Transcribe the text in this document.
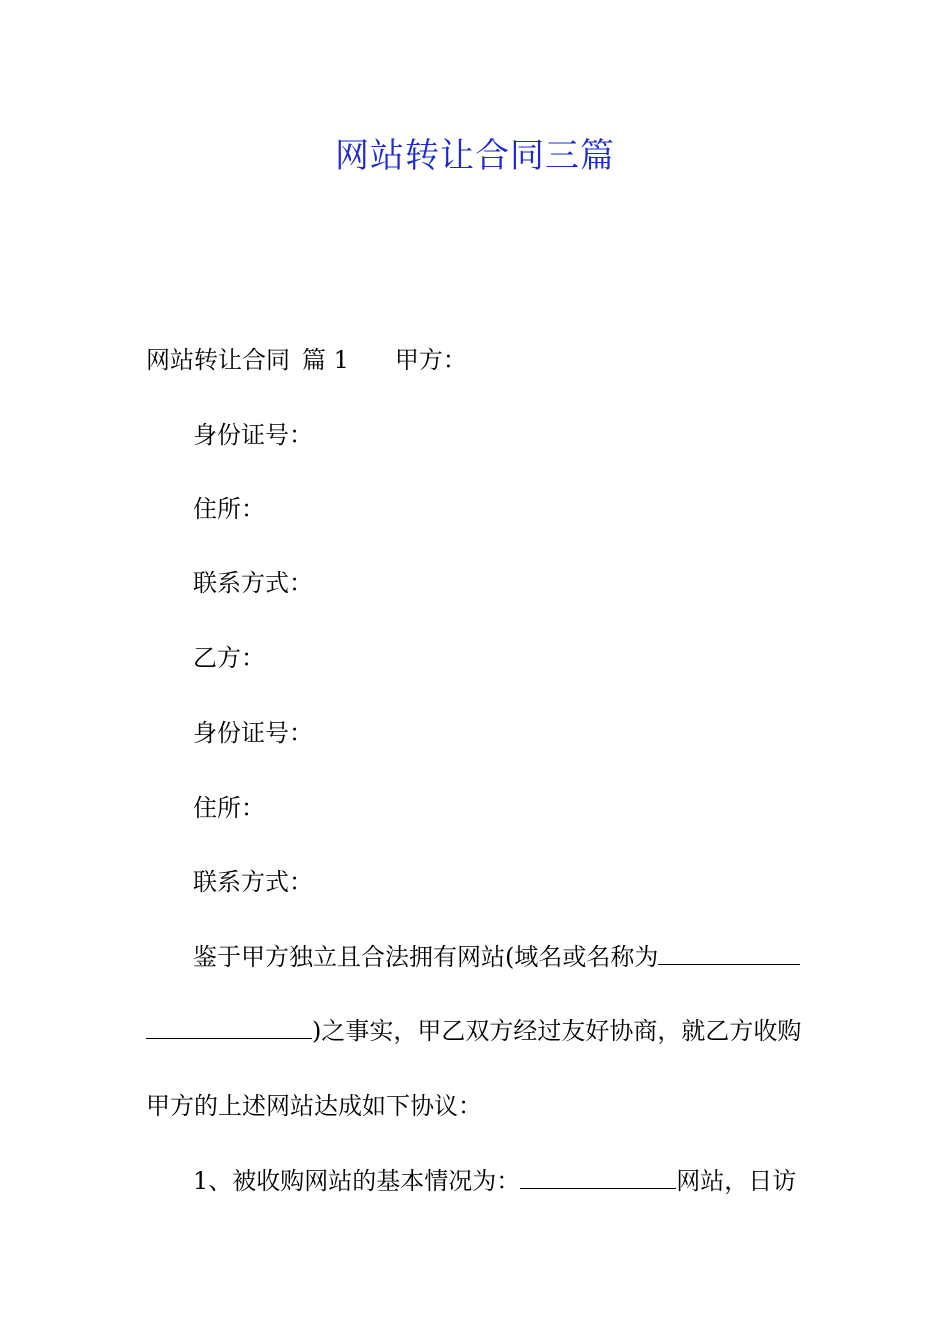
网站转让合同三篇
网站转让合同 篇 1 甲方：
身份证号：
住所：
联系方式：
乙方：
身份证号：
住所：
联系方式：
鉴于甲方独立且合法拥有网站(域名或名称为
)之事实，甲乙双方经过友好协商，就乙方收购
甲方的上述网站达成如下协议：
1、被收购网站的基本情况为：	网站，日访
